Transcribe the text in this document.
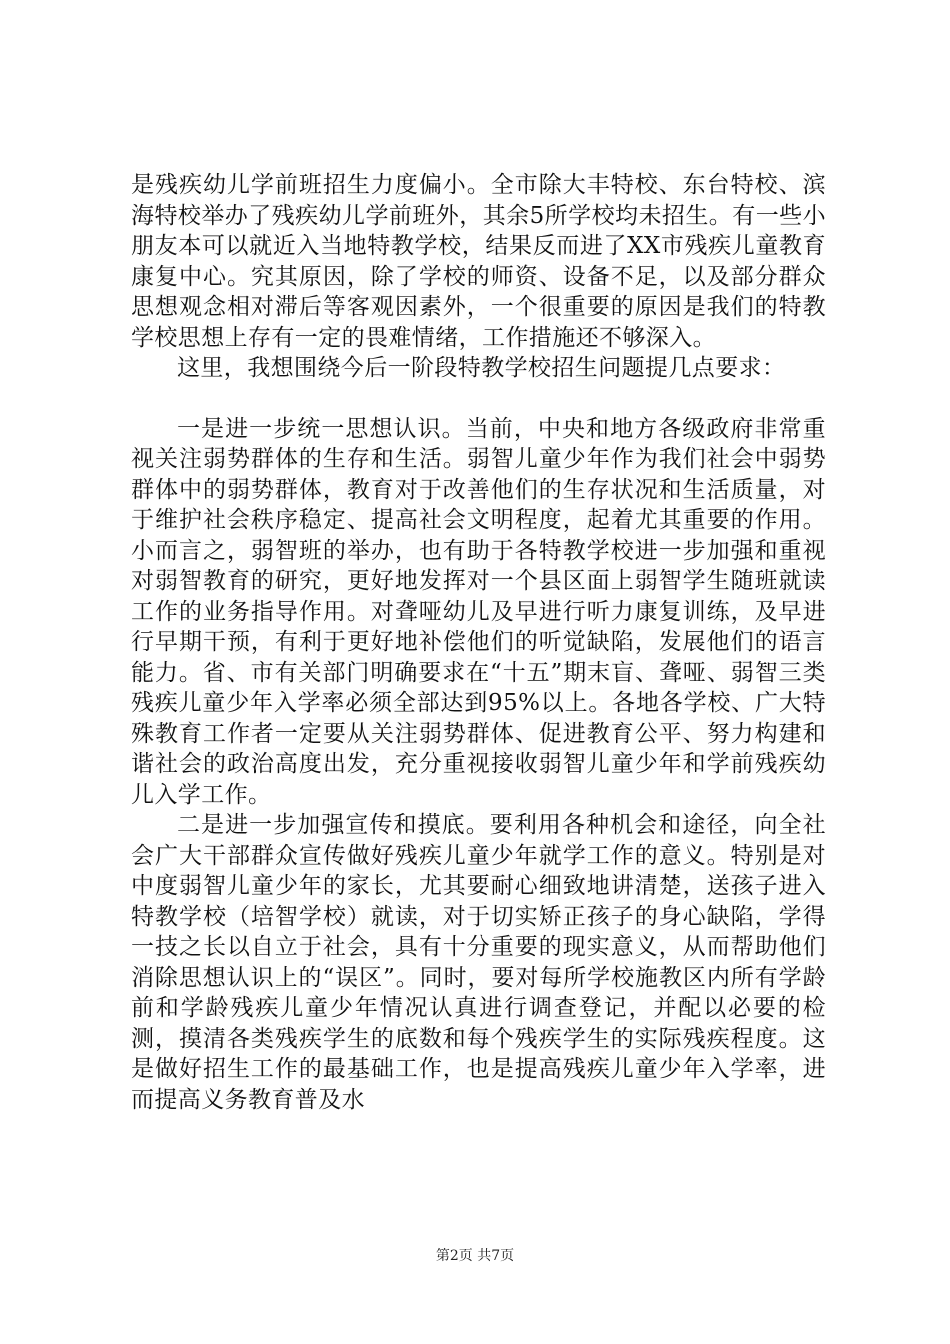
是残疾幼儿学前班招生力度偏小。全市除大丰特校、东台特校、滨海特校举办了残疾幼儿学前班外，其余5所学校均未招生。有一些小朋友本可以就近入当地特教学校，结果反而进了XX市残疾儿童教育康复中心。究其原因，除了学校的师资、设备不足，以及部分群众思想观念相对滞后等客观因素外，一个很重要的原因是我们的特教学校思想上存有一定的畏难情绪，工作措施还不够深入。

这里，我想围绕今后一阶段特教学校招生问题提几点要求：

一是进一步统一思想认识。当前，中央和地方各级政府非常重视关注弱势群体的生存和生活。弱智儿童少年作为我们社会中弱势群体中的弱势群体，教育对于改善他们的生存状况和生活质量，对于维护社会秩序稳定、提高社会文明程度，起着尤其重要的作用。小而言之，弱智班的举办，也有助于各特教学校进一步加强和重视对弱智教育的研究，更好地发挥对一个县区面上弱智学生随班就读工作的业务指导作用。对聋哑幼儿及早进行听力康复训练，及早进行早期干预，有利于更好地补偿他们的听觉缺陷，发展他们的语言能力。省、市有关部门明确要求在“十五”期末盲、聋哑、弱智三类残疾儿童少年入学率必须全部达到95%以上。各地各学校、广大特殊教育工作者一定要从关注弱势群体、促进教育公平、努力构建和谐社会的政治高度出发，充分重视接收弱智儿童少年和学前残疾幼儿入学工作。

二是进一步加强宣传和摸底。要利用各种机会和途径，向全社会广大干部群众宣传做好残疾儿童少年就学工作的意义。特别是对中度弱智儿童少年的家长，尤其要耐心细致地讲清楚，送孩子进入特教学校（培智学校）就读，对于切实矫正孩子的身心缺陷，学得一技之长以自立于社会，具有十分重要的现实意义，从而帮助他们消除思想认识上的“误区”。同时，要对每所学校施教区内所有学龄前和学龄残疾儿童少年情况认真进行调查登记，并配以必要的检测，摸清各类残疾学生的底数和每个残疾学生的实际残疾程度。这是做好招生工作的最基础工作，也是提高残疾儿童少年入学率，进而提高义务教育普及水

第2页 共7页
